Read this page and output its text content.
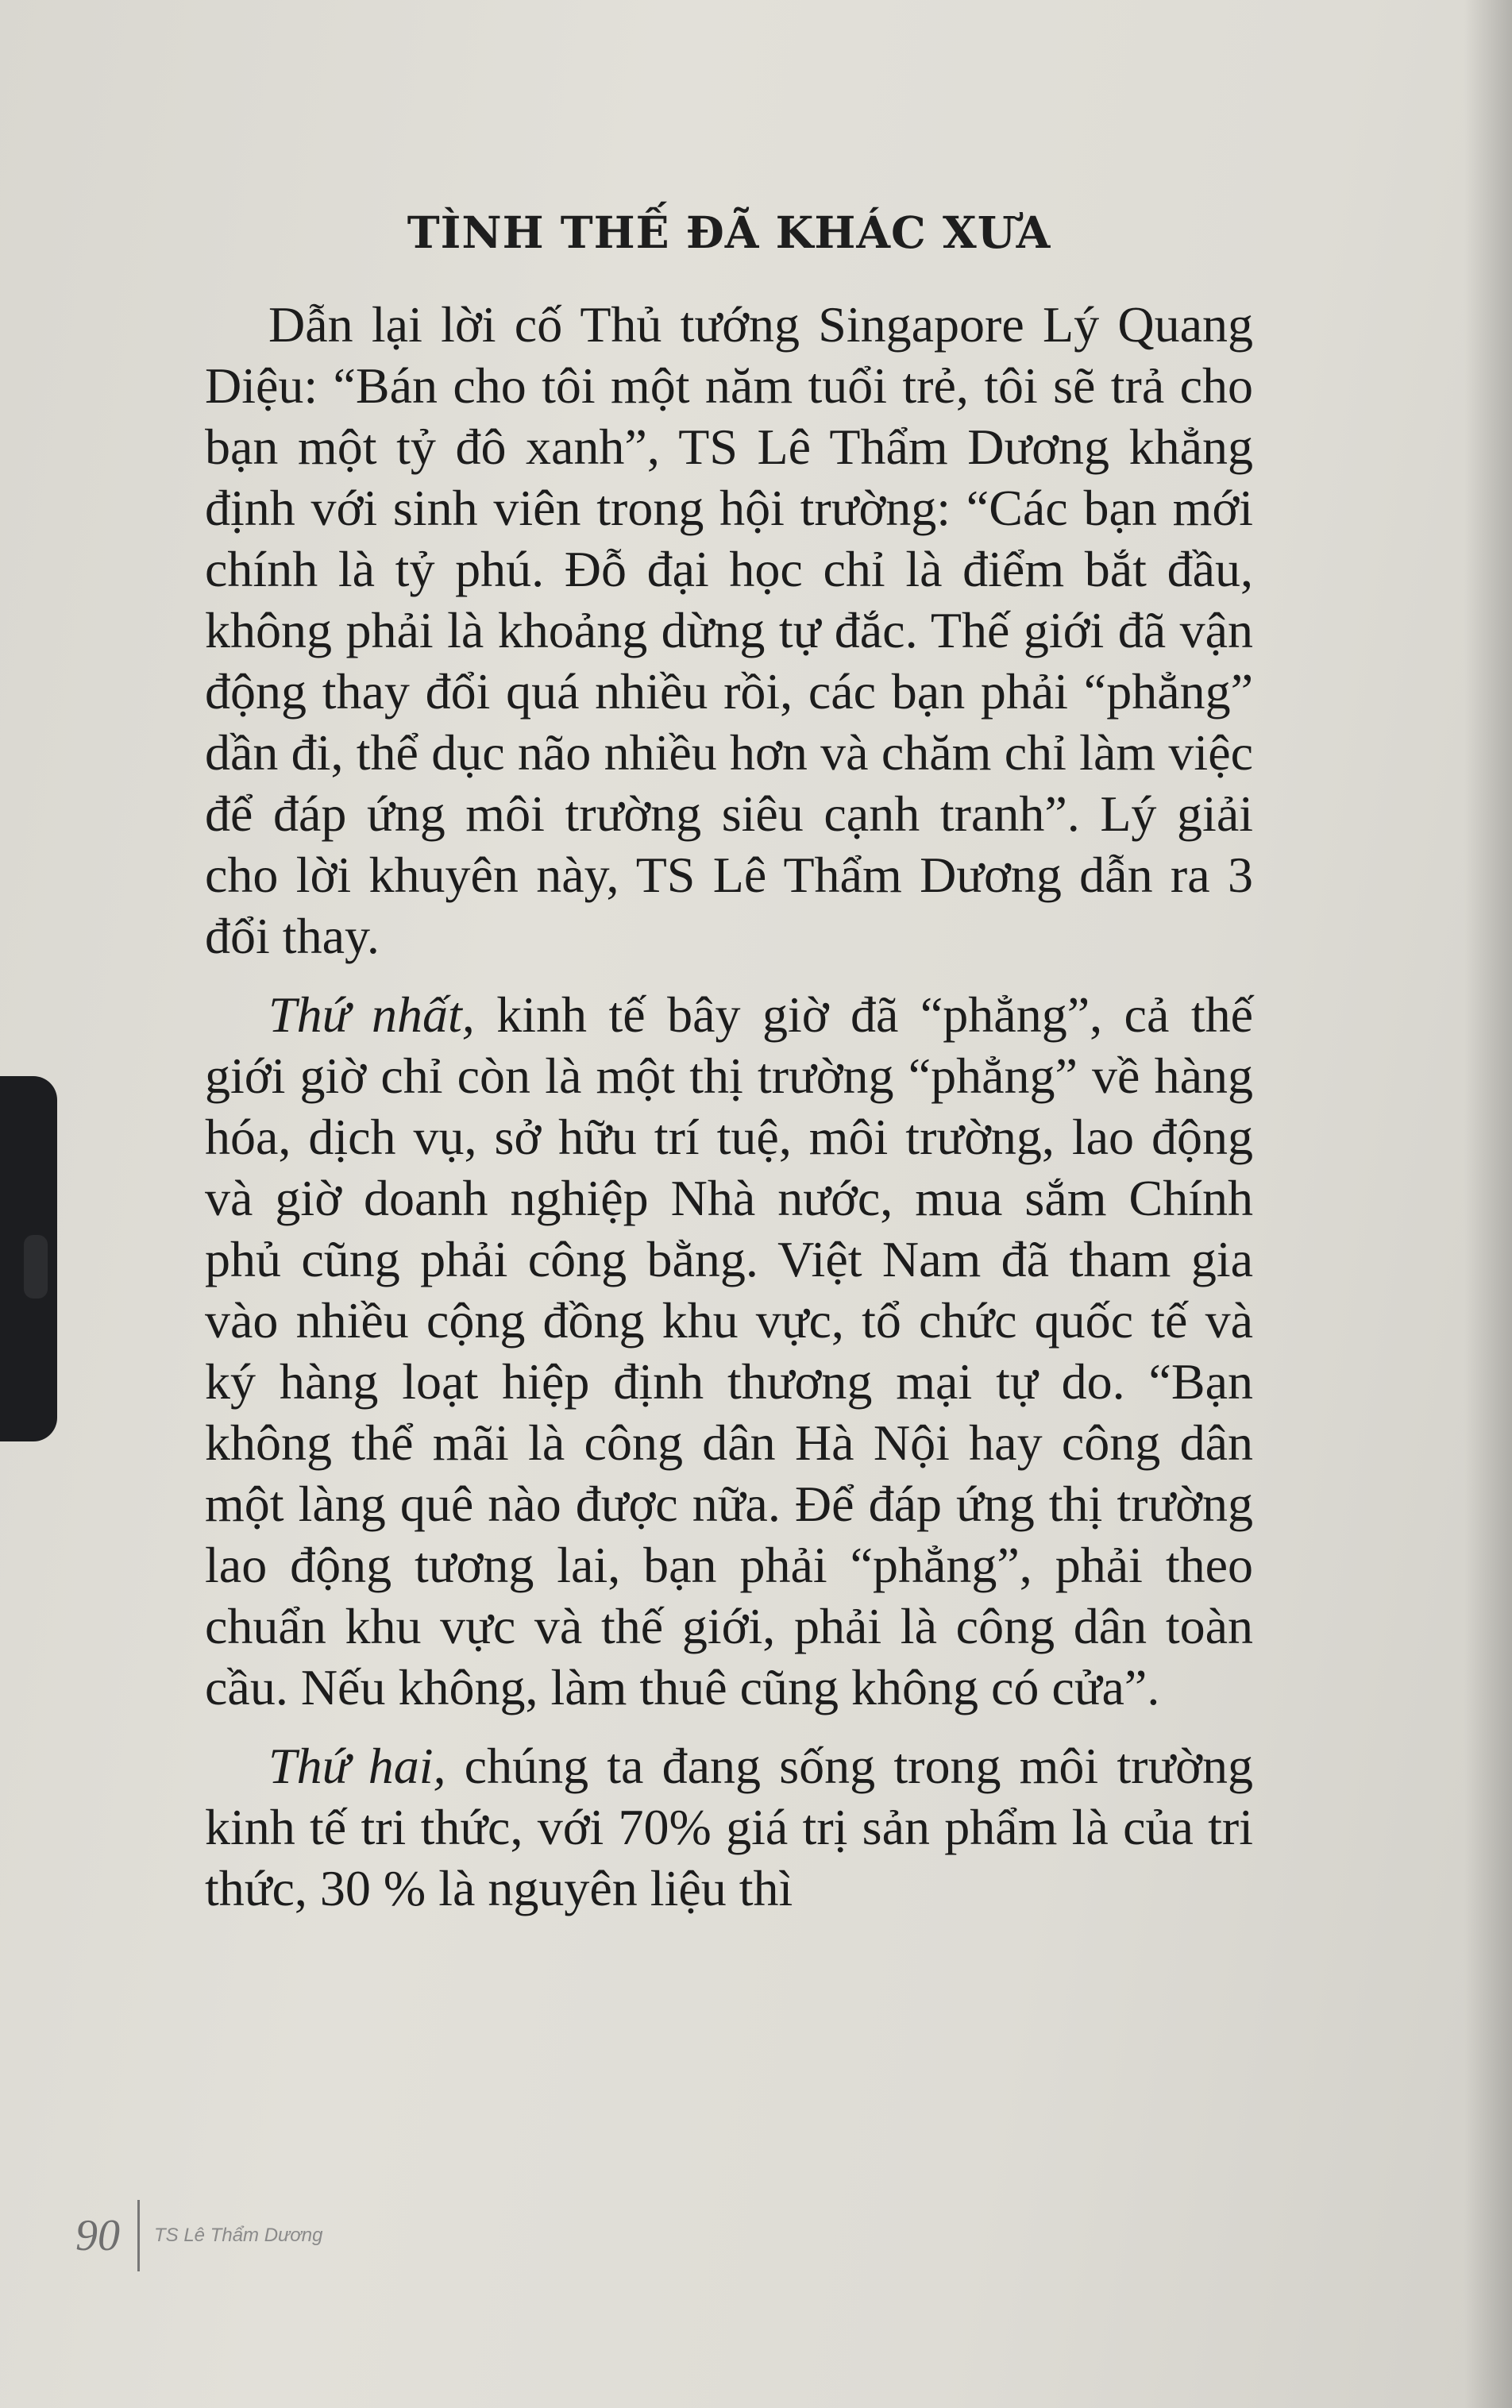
TÌNH THẾ ĐÃ KHÁC XƯA

Dẫn lại lời cố Thủ tướng Singapore Lý Quang Diệu: “Bán cho tôi một năm tuổi trẻ, tôi sẽ trả cho bạn một tỷ đô xanh”, TS Lê Thẩm Dương khẳng định với sinh viên trong hội trường: “Các bạn mới chính là tỷ phú. Đỗ đại học chỉ là điểm bắt đầu, không phải là khoảng dừng tự đắc. Thế giới đã vận động thay đổi quá nhiều rồi, các bạn phải “phẳng” dần đi, thể dục não nhiều hơn và chăm chỉ làm việc để đáp ứng môi trường siêu cạnh tranh”. Lý giải cho lời khuyên này, TS Lê Thẩm Dương dẫn ra 3 đổi thay.

Thứ nhất, kinh tế bây giờ đã “phẳng”, cả thế giới giờ chỉ còn là một thị trường “phẳng” về hàng hóa, dịch vụ, sở hữu trí tuệ, môi trường, lao động và giờ doanh nghiệp Nhà nước, mua sắm Chính phủ cũng phải công bằng. Việt Nam đã tham gia vào nhiều cộng đồng khu vực, tổ chức quốc tế và ký hàng loạt hiệp định thương mại tự do. “Bạn không thể mãi là công dân Hà Nội hay công dân một làng quê nào được nữa. Để đáp ứng thị trường lao động tương lai, bạn phải “phẳng”, phải theo chuẩn khu vực và thế giới, phải là công dân toàn cầu. Nếu không, làm thuê cũng không có cửa”.

Thứ hai, chúng ta đang sống trong môi trường kinh tế tri thức, với 70% giá trị sản phẩm là của tri thức, 30 % là nguyên liệu thì

90	TS Lê Thẩm Dương
